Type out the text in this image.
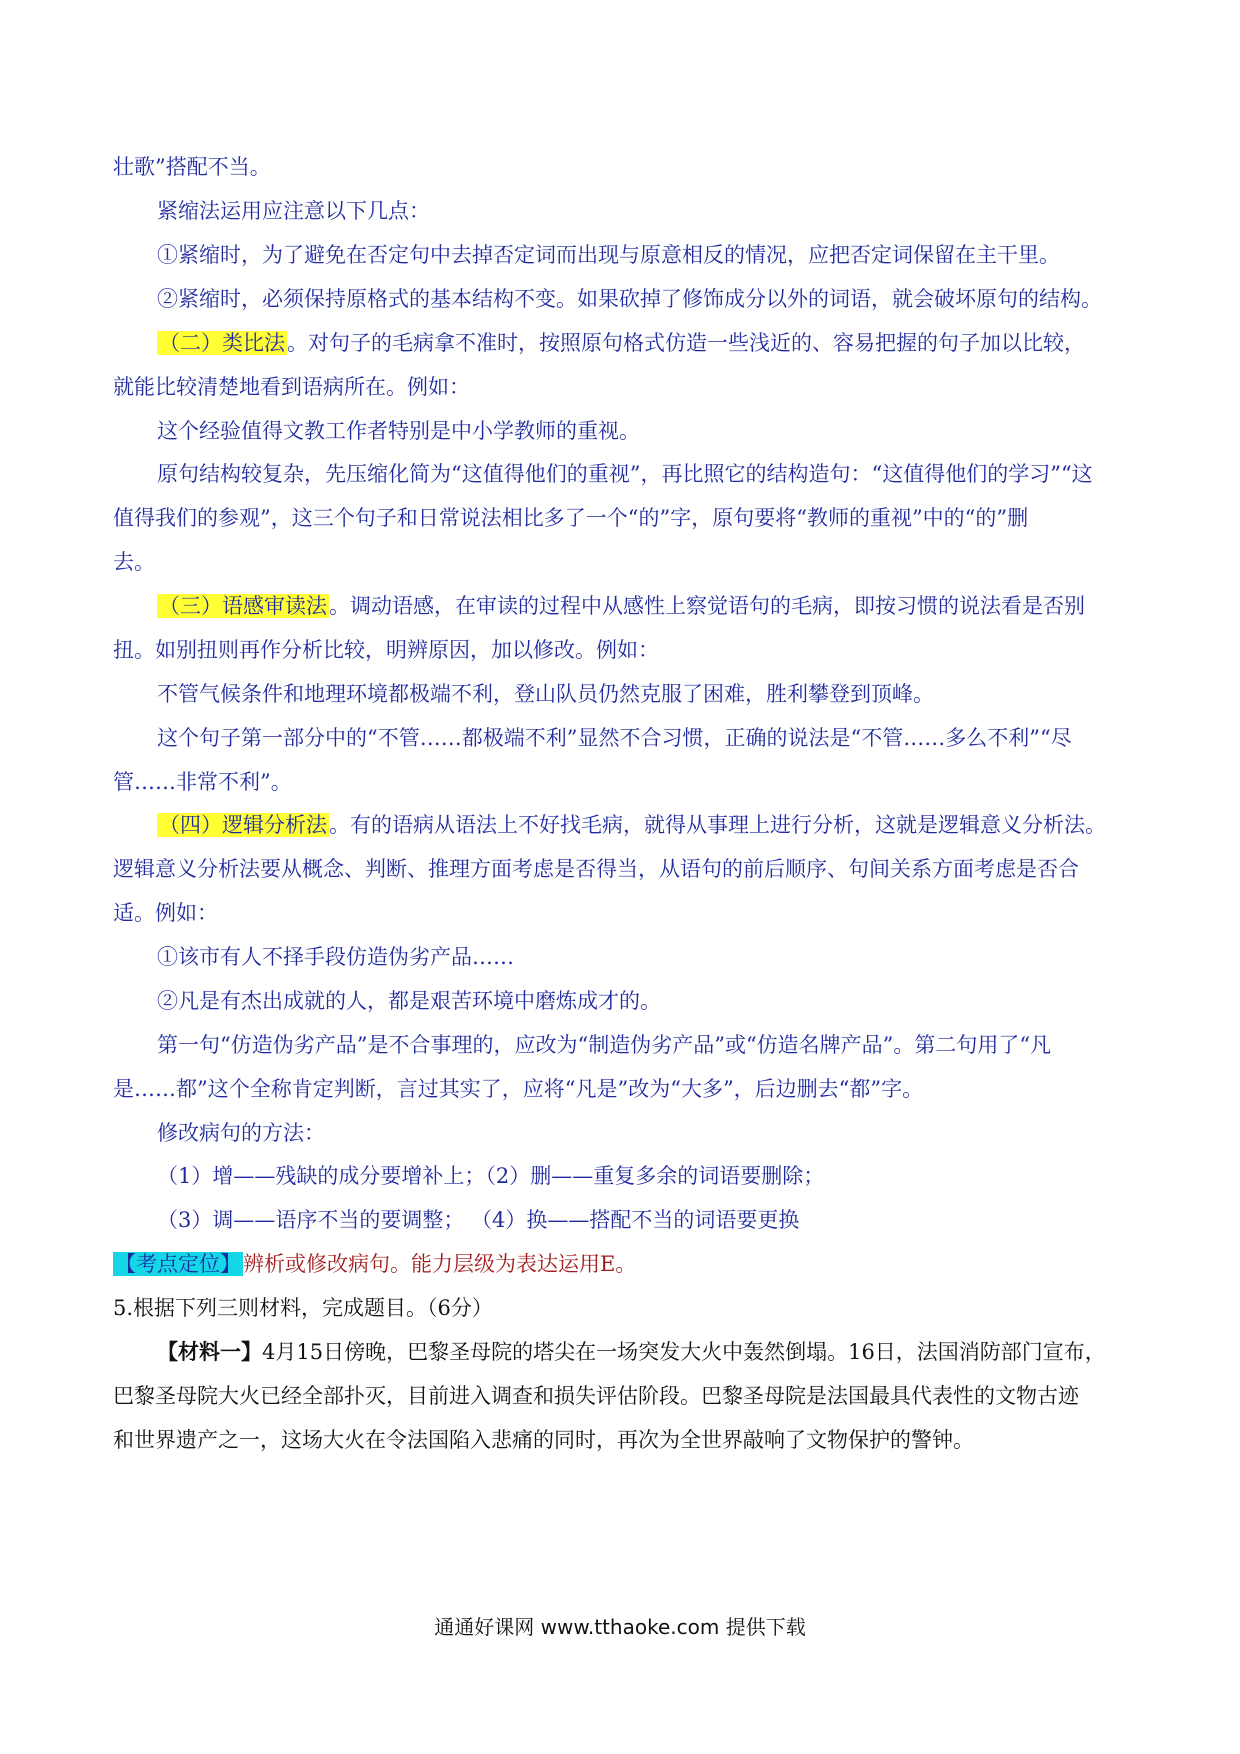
壮歌”搭配不当。
紧缩法运用应注意以下几点：
①紧缩时，为了避免在否定句中去掉否定词而出现与原意相反的情况，应把否定词保留在主干里。
②紧缩时，必须保持原格式的基本结构不变。如果砍掉了修饰成分以外的词语，就会破坏原句的结构。
（二）类比法。对句子的毛病拿不准时，按照原句格式仿造一些浅近的、容易把握的句子加以比较，
就能比较清楚地看到语病所在。例如：
这个经验值得文教工作者特别是中小学教师的重视。
原句结构较复杂，先压缩化简为“这值得他们的重视”，再比照它的结构造句：“这值得他们的学习”“这
值得我们的参观”，这三个句子和日常说法相比多了一个“的”字，原句要将“教师的重视”中的“的”删
去。
（三）语感审读法。调动语感，在审读的过程中从感性上察觉语句的毛病，即按习惯的说法看是否别
扭。如别扭则再作分析比较，明辨原因，加以修改。例如：
不管气候条件和地理环境都极端不利，登山队员仍然克服了困难，胜利攀登到顶峰。
这个句子第一部分中的“不管……都极端不利”显然不合习惯，正确的说法是“不管……多么不利”“尽
管……非常不利”。
（四）逻辑分析法。有的语病从语法上不好找毛病，就得从事理上进行分析，这就是逻辑意义分析法。
逻辑意义分析法要从概念、判断、推理方面考虑是否得当，从语句的前后顺序、句间关系方面考虑是否合
适。例如：
①该市有人不择手段仿造伪劣产品……
②凡是有杰出成就的人，都是艰苦环境中磨炼成才的。
第一句“仿造伪劣产品”是不合事理的，应改为“制造伪劣产品”或“仿造名牌产品”。第二句用了“凡
是……都”这个全称肯定判断，言过其实了，应将“凡是”改为“大多”，后边删去“都”字。
修改病句的方法：
（1）增——残缺的成分要增补上；（2）删——重复多余的词语要删除；
（3）调——语序不当的要调整； （4）换——搭配不当的词语要更换
【考点定位】辨析或修改病句。能力层级为表达运用E。
5.根据下列三则材料，完成题目。（6分）
【材料一】4月15日傍晚，巴黎圣母院的塔尖在一场突发大火中轰然倒塌。16日，法国消防部门宣布，
巴黎圣母院大火已经全部扑灭，目前进入调查和损失评估阶段。巴黎圣母院是法国最具代表性的文物古迹
和世界遗产之一，这场大火在令法国陷入悲痛的同时，再次为全世界敲响了文物保护的警钟。
通通好课网 www.tthaoke.com 提供下载
